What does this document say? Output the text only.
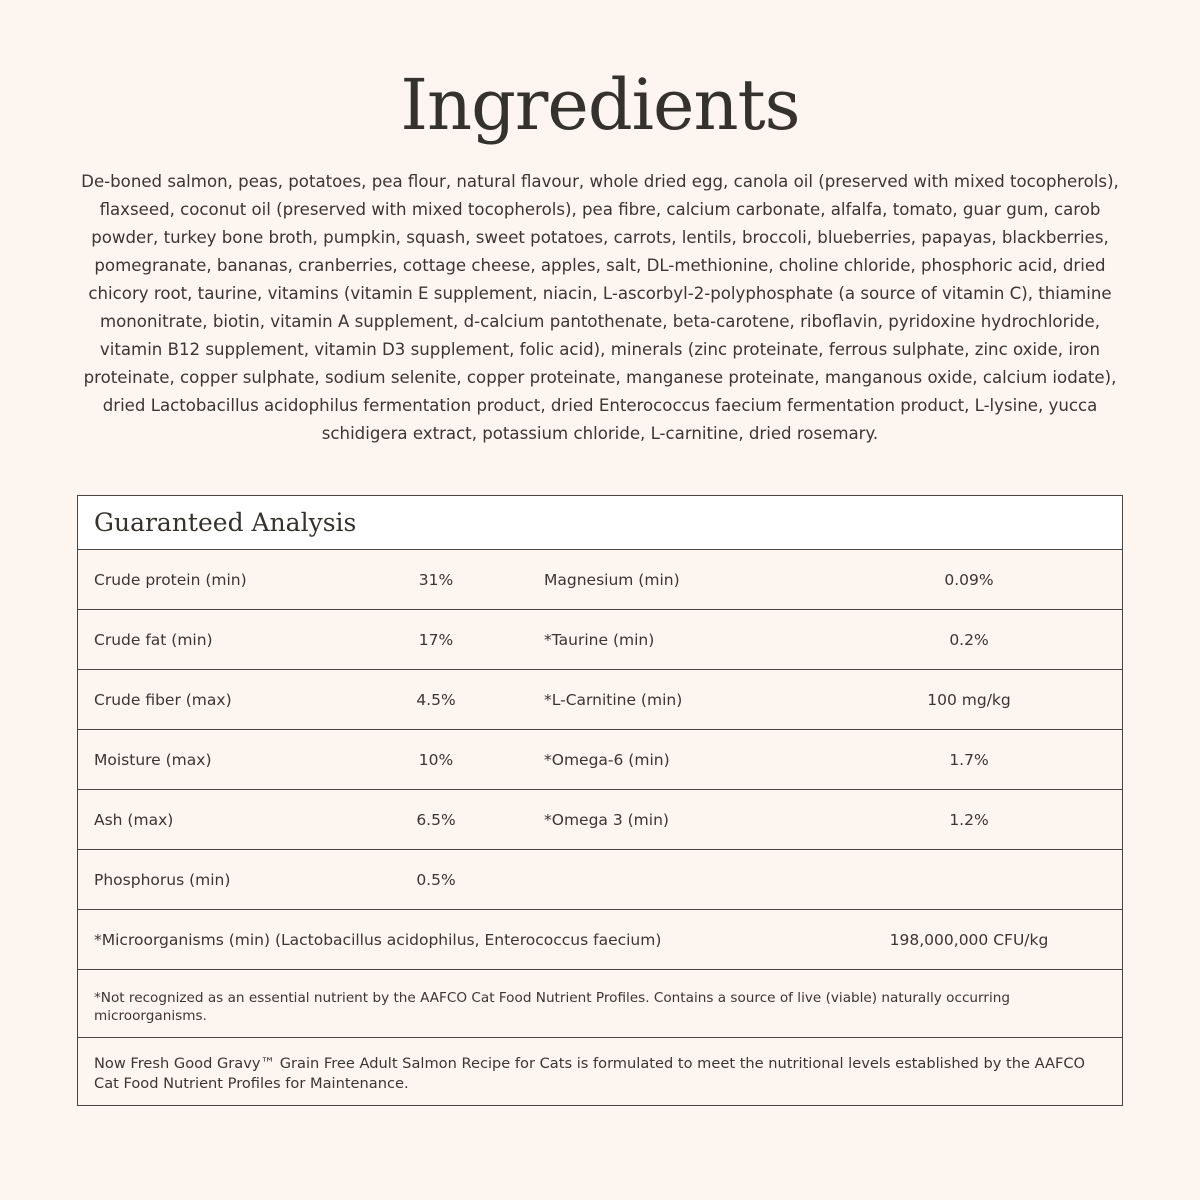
Ingredients
De-boned salmon, peas, potatoes, pea flour, natural flavour, whole dried egg, canola oil (preserved with mixed tocopherols), flaxseed, coconut oil (preserved with mixed tocopherols), pea fibre, calcium carbonate, alfalfa, tomato, guar gum, carob powder, turkey bone broth, pumpkin, squash, sweet potatoes, carrots, lentils, broccoli, blueberries, papayas, blackberries, pomegranate, bananas, cranberries, cottage cheese, apples, salt, DL-methionine, choline chloride, phosphoric acid, dried chicory root, taurine, vitamins (vitamin E supplement, niacin, L-ascorbyl-2-polyphosphate (a source of vitamin C), thiamine mononitrate, biotin, vitamin A supplement, d-calcium pantothenate, beta-carotene, riboflavin, pyridoxine hydrochloride, vitamin B12 supplement, vitamin D3 supplement, folic acid), minerals (zinc proteinate, ferrous sulphate, zinc oxide, iron proteinate, copper sulphate, sodium selenite, copper proteinate, manganese proteinate, manganous oxide, calcium iodate), dried Lactobacillus acidophilus fermentation product, dried Enterococcus faecium fermentation product, L-lysine, yucca schidigera extract, potassium chloride, L-carnitine, dried rosemary.
Guaranteed Analysis
Crude protein (min)	31%	Magnesium (min)	0.09%
Crude fat (min)	17%	*Taurine (min)	0.2%
Crude fiber (max)	4.5%	*L-Carnitine (min)	100 mg/kg
Moisture (max)	10%	*Omega-6 (min)	1.7%
Ash (max)	6.5%	*Omega 3 (min)	1.2%
Phosphorus (min)	0.5%
*Microorganisms (min) (Lactobacillus acidophilus, Enterococcus faecium)	198,000,000 CFU/kg
*Not recognized as an essential nutrient by the AAFCO Cat Food Nutrient Profiles. Contains a source of live (viable) naturally occurring microorganisms.
Now Fresh Good Gravy™ Grain Free Adult Salmon Recipe for Cats is formulated to meet the nutritional levels established by the AAFCO Cat Food Nutrient Profiles for Maintenance.
